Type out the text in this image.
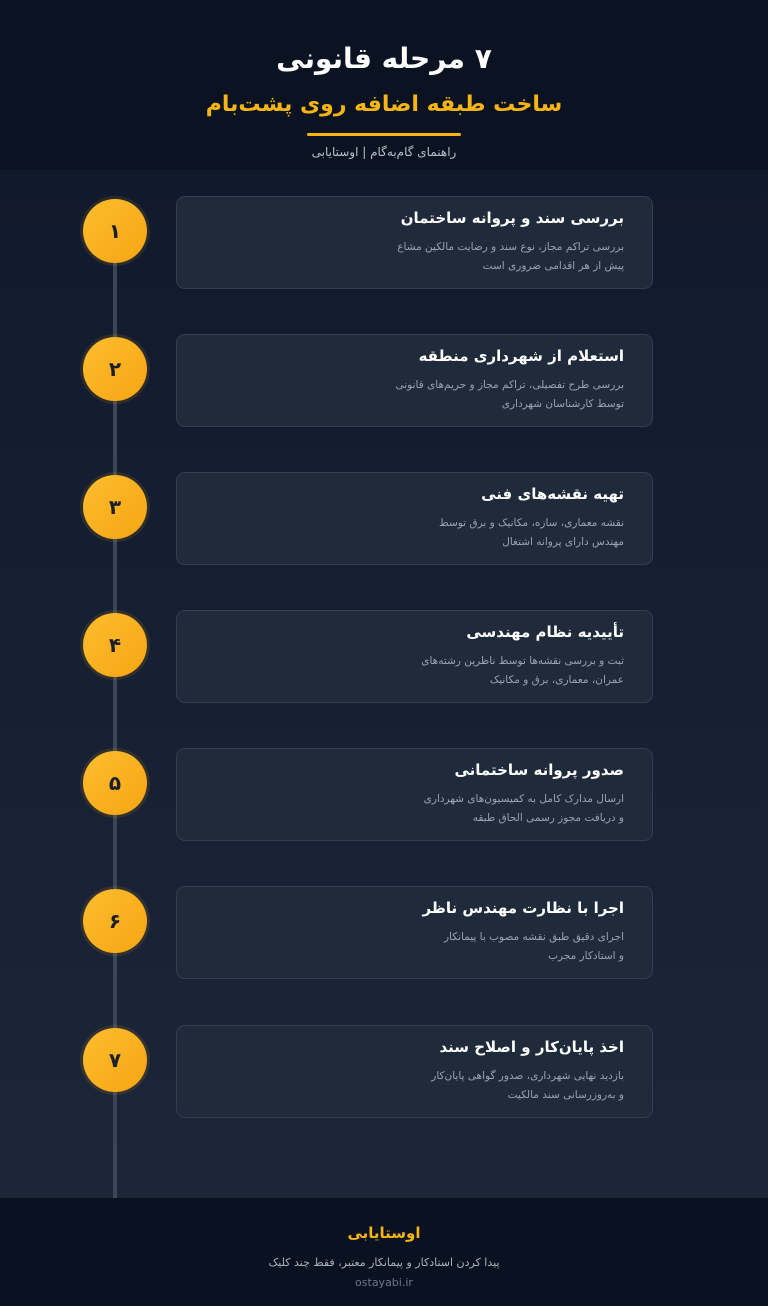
۷ مرحله قانونی
ساخت طبقه اضافه روی پشت‌بام
راهنمای گام‌به‌گام | اوستایابی
۱
بررسی سند و پروانه ساختمان
بررسی تراکم مجاز، نوع سند و رضایت مالکین مشاع
پیش از هر اقدامی ضروری است
۲
استعلام از شهرداری منطقه
بررسی طرح تفصیلی، تراکم مجاز و حریم‌های قانونی
توسط کارشناسان شهرداری
۳
تهیه نقشه‌های فنی
نقشه معماری، سازه، مکانیک و برق توسط
مهندس دارای پروانه اشتغال
۴
تأییدیه نظام مهندسی
ثبت و بررسی نقشه‌ها توسط ناظرین رشته‌های
عمران، معماری، برق و مکانیک
۵
صدور پروانه ساختمانی
ارسال مدارک کامل به کمیسیون‌های شهرداری
و دریافت مجوز رسمی الحاق طبقه
۶
اجرا با نظارت مهندس ناظر
اجرای دقیق طبق نقشه مصوب با پیمانکار
و استادکار مجرب
۷
اخذ پایان‌کار و اصلاح سند
بازدید نهایی شهرداری، صدور گواهی پایان‌کار
و به‌روزرسانی سند مالکیت
اوستایابی
پیدا کردن استادکار و پیمانکار معتبر، فقط چند کلیک
ostayabi.ir
